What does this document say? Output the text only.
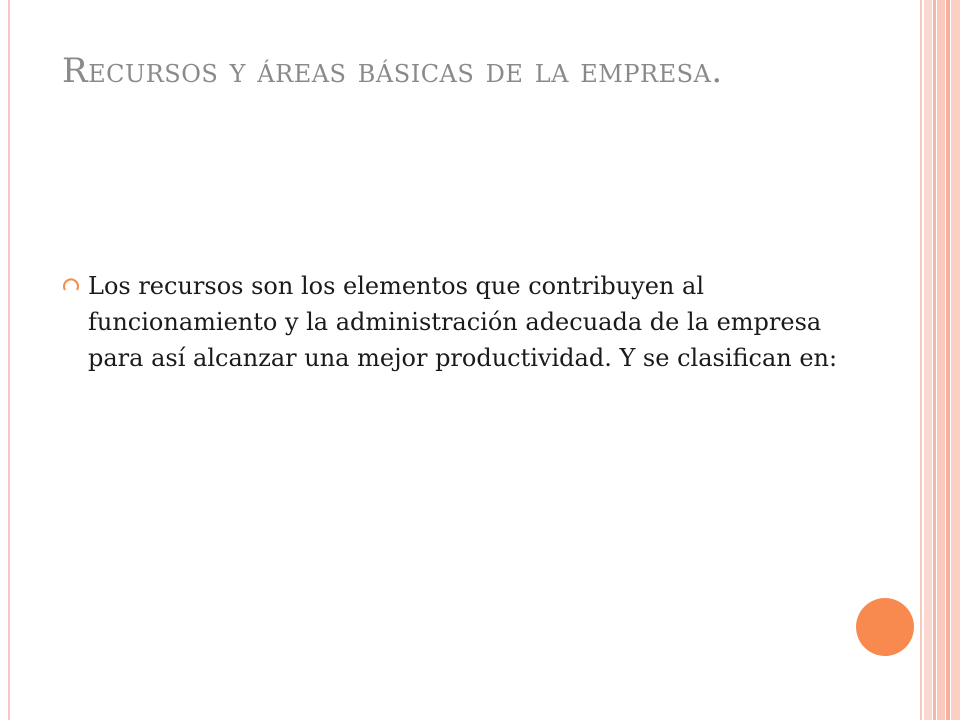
Recursos y áreas básicas de la empresa.
Los recursos son los elementos que contribuyen al funcionamiento y la administración adecuada de la empresa para así alcanzar una mejor productividad. Y se clasifican en:
